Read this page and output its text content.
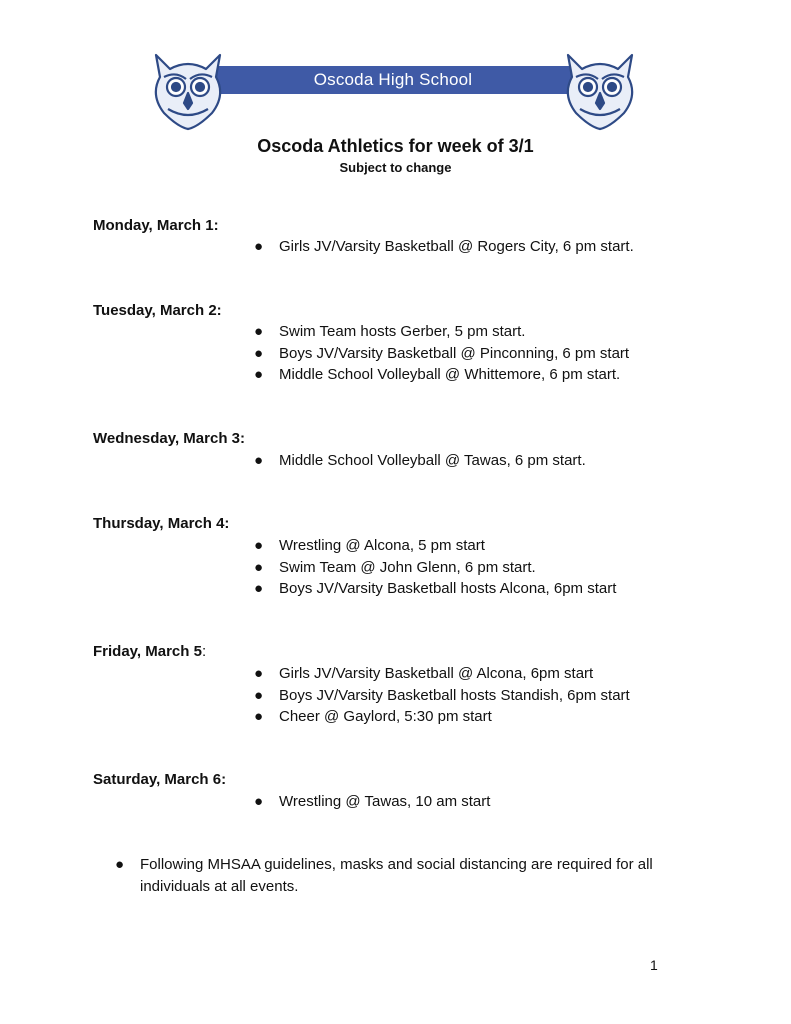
Oscoda High School
Oscoda Athletics for week of 3/1
Subject to change
Monday, March 1:
● Girls JV/Varsity Basketball @ Rogers City, 6 pm start.
Tuesday, March 2:
● Swim Team hosts Gerber, 5 pm start.
● Boys JV/Varsity Basketball @ Pinconning, 6 pm start
● Middle School Volleyball @ Whittemore, 6 pm start.
Wednesday, March 3:
● Middle School Volleyball @ Tawas, 6 pm start.
Thursday, March 4:
● Wrestling @ Alcona, 5 pm start
● Swim Team @ John Glenn, 6 pm start.
● Boys JV/Varsity Basketball hosts Alcona, 6pm start
Friday, March 5:
● Girls JV/Varsity Basketball @ Alcona, 6pm start
● Boys JV/Varsity Basketball hosts Standish, 6pm start
● Cheer @ Gaylord, 5:30 pm start
Saturday, March 6:
● Wrestling @ Tawas, 10 am start
● Following MHSAA guidelines, masks and social distancing are required for all individuals at all events.
1
